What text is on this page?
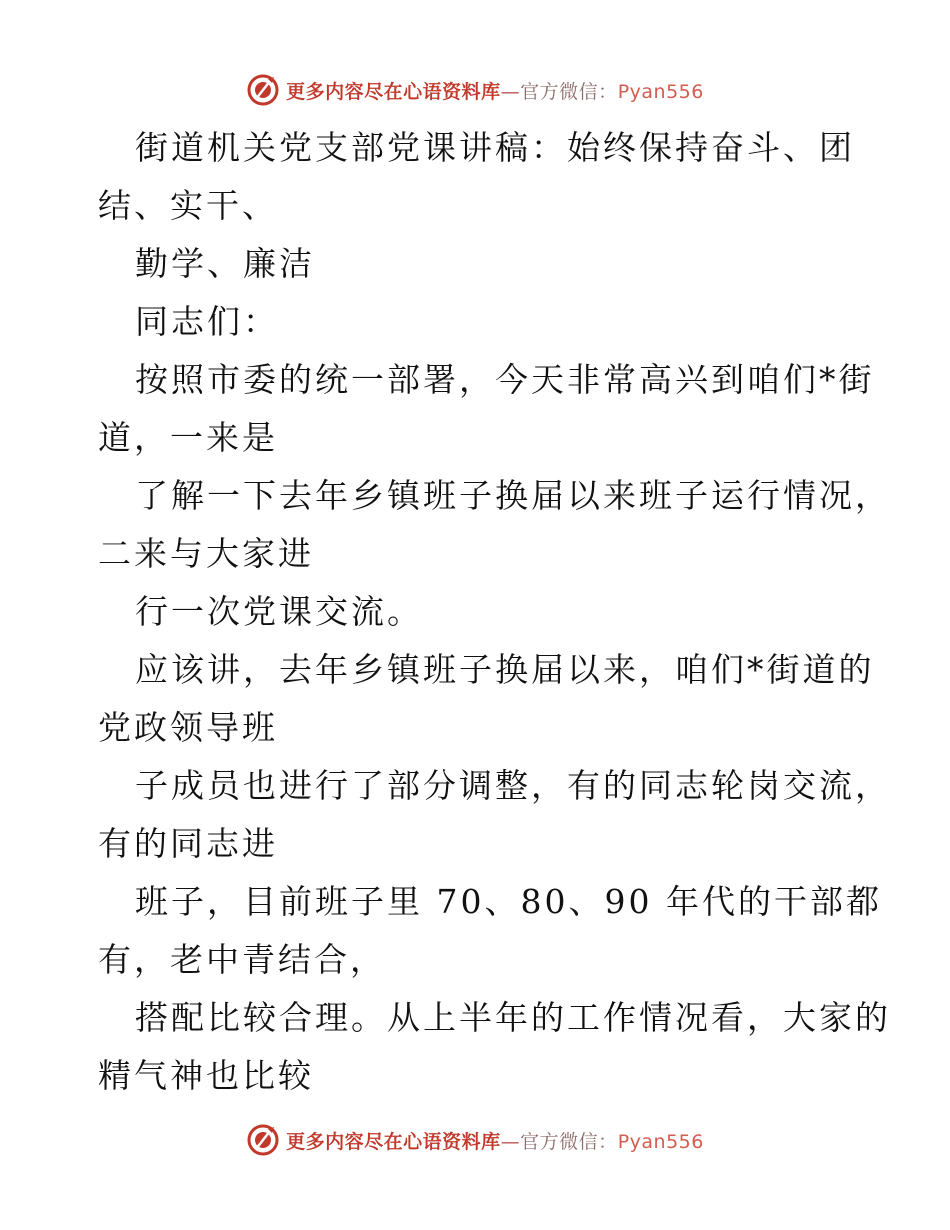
更多内容尽在心语资料库—官方微信：Pyan556
街道机关党支部党课讲稿：始终保持奋斗、团
结、实干、
勤学、廉洁
同志们：
按照市委的统一部署，今天非常高兴到咱们*街
道，一来是
了解一下去年乡镇班子换届以来班子运行情况，
二来与大家进
行一次党课交流。
应该讲，去年乡镇班子换届以来，咱们*街道的
党政领导班
子成员也进行了部分调整，有的同志轮岗交流，
有的同志进
班子，目前班子里 70、80、90 年代的干部都
有，老中青结合，
搭配比较合理。从上半年的工作情况看，大家的
精气神也比较
更多内容尽在心语资料库—官方微信：Pyan556
